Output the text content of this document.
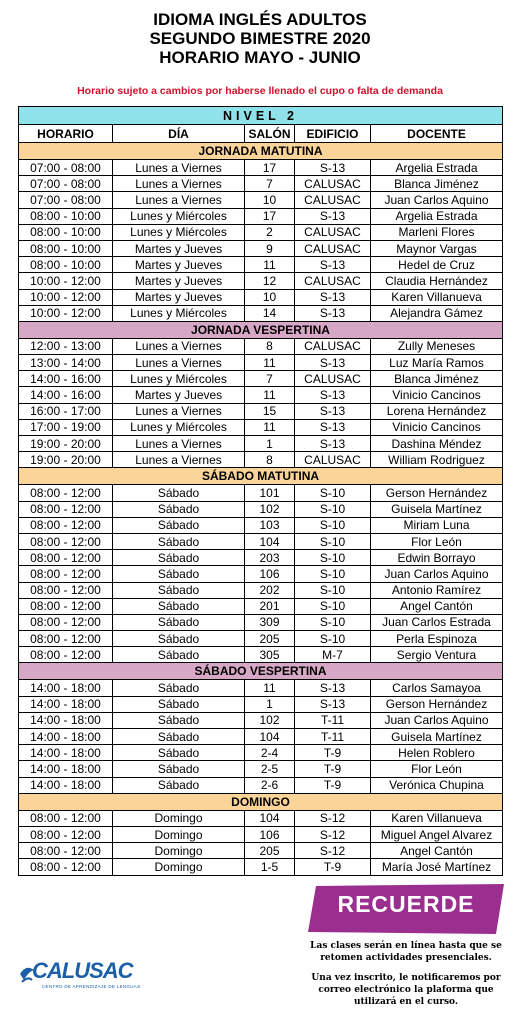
IDIOMA INGLÉS ADULTOS
SEGUNDO BIMESTRE 2020
HORARIO MAYO - JUNIO
Horario sujeto a cambios por haberse llenado el cupo o falta de demanda
NIVEL 2				
HORARIO	DÍA	SALÓN	EDIFICIO	DOCENTE
JORNADA MATUTINA				
07:00 - 08:00	Lunes a Viernes	17	S-13	Argelia Estrada
07:00 - 08:00	Lunes a Viernes	7	CALUSAC	Blanca Jiménez
07:00 - 08:00	Lunes a Viernes	10	CALUSAC	Juan Carlos Aquino
08:00 - 10:00	Lunes y Miércoles	17	S-13	Argelia Estrada
08:00 - 10:00	Lunes y Miércoles	2	CALUSAC	Marleni Flores
08:00 - 10:00	Martes y Jueves	9	CALUSAC	Maynor Vargas
08:00 - 10:00	Martes y Jueves	11	S-13	Hedel de Cruz
10:00 - 12:00	Martes y Jueves	12	CALUSAC	Claudia Hernández
10:00 - 12:00	Martes y Jueves	10	S-13	Karen Villanueva
10:00 - 12:00	Lunes y Miércoles	14	S-13	Alejandra Gámez
JORNADA VESPERTINA				
12:00 - 13:00	Lunes a Viernes	8	CALUSAC	Zully Meneses
13:00 - 14:00	Lunes a Viernes	11	S-13	Luz María Ramos
14:00 - 16:00	Lunes y Miércoles	7	CALUSAC	Blanca Jiménez
14:00 - 16:00	Martes y Jueves	11	S-13	Vinicio Cancinos
16:00 - 17:00	Lunes a Viernes	15	S-13	Lorena Hernández
17:00 - 19:00	Lunes y Miércoles	11	S-13	Vinicio Cancinos
19:00 - 20:00	Lunes a Viernes	1	S-13	Dashina Méndez
19:00 - 20:00	Lunes a Viernes	8	CALUSAC	William Rodriguez
SÁBADO MATUTINA				
08:00 - 12:00	Sábado	101	S-10	Gerson Hernández
08:00 - 12:00	Sábado	102	S-10	Guisela Martínez
08:00 - 12:00	Sábado	103	S-10	Miriam Luna
08:00 - 12:00	Sábado	104	S-10	Flor León
08:00 - 12:00	Sábado	203	S-10	Edwin Borrayo
08:00 - 12:00	Sábado	106	S-10	Juan Carlos Aquino
08:00 - 12:00	Sábado	202	S-10	Antonio Ramírez
08:00 - 12:00	Sábado	201	S-10	Angel Cantón
08:00 - 12:00	Sábado	309	S-10	Juan Carlos Estrada
08:00 - 12:00	Sábado	205	S-10	Perla Espinoza
08:00 - 12:00	Sábado	305	M-7	Sergio Ventura
SÁBADO VESPERTINA				
14:00 - 18:00	Sábado	11	S-13	Carlos Samayoa
14:00 - 18:00	Sábado	1	S-13	Gerson Hernández
14:00 - 18:00	Sábado	102	T-11	Juan Carlos Aquino
14:00 - 18:00	Sábado	104	T-11	Guisela Martínez
14:00 - 18:00	Sábado	2-4	T-9	Helen Roblero
14:00 - 18:00	Sábado	2-5	T-9	Flor León
14:00 - 18:00	Sábado	2-6	T-9	Verónica Chupina
DOMINGO				
08:00 - 12:00	Domingo	104	S-12	Karen Villanueva
08:00 - 12:00	Domingo	106	S-12	Miguel Angel Alvarez
08:00 - 12:00	Domingo	205	S-12	Angel Cantón
08:00 - 12:00	Domingo	1-5	T-9	María José Martínez
RECUERDE
Las clases serán en línea hasta que se retomen actividades presenciales.
Una vez inscrito, le notificaremos por correo electrónico la plaforma que utilizará en el curso.
CALUSAC
CENTRO DE APRENDIZAJE DE LENGUAS
